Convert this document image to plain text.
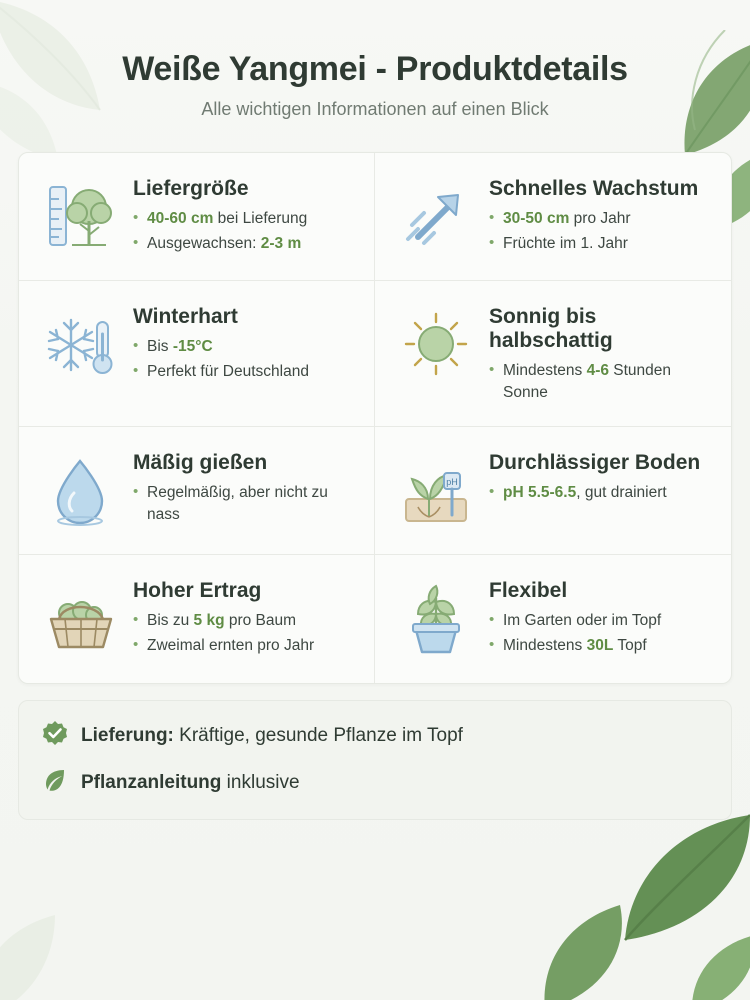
Weiße Yangmei - Produktdetails

Alle wichtigen Informationen auf einen Blick

Liefergröße
• 40-60 cm bei Lieferung
• Ausgewachsen: 2-3 m
Schnelles Wachstum
• 30-50 cm pro Jahr
• Früchte im 1. Jahr
Winterhart
• Bis -15°C
• Perfekt für Deutschland
Sonnig bis halbschattig
• Mindestens 4-6 Stunden Sonne
Mäßig gießen
• Regelmäßig, aber nicht zu nass
pH
Durchlässiger Boden
• pH 5.5-6.5, gut drainiert
Hoher Ertrag
• Bis zu 5 kg pro Baum
• Zweimal ernten pro Jahr
Flexibel
• Im Garten oder im Topf
• Mindestens 30L Topf
Lieferung: Kräftige, gesunde Pflanze im Topf
Pflanzanleitung inklusive
